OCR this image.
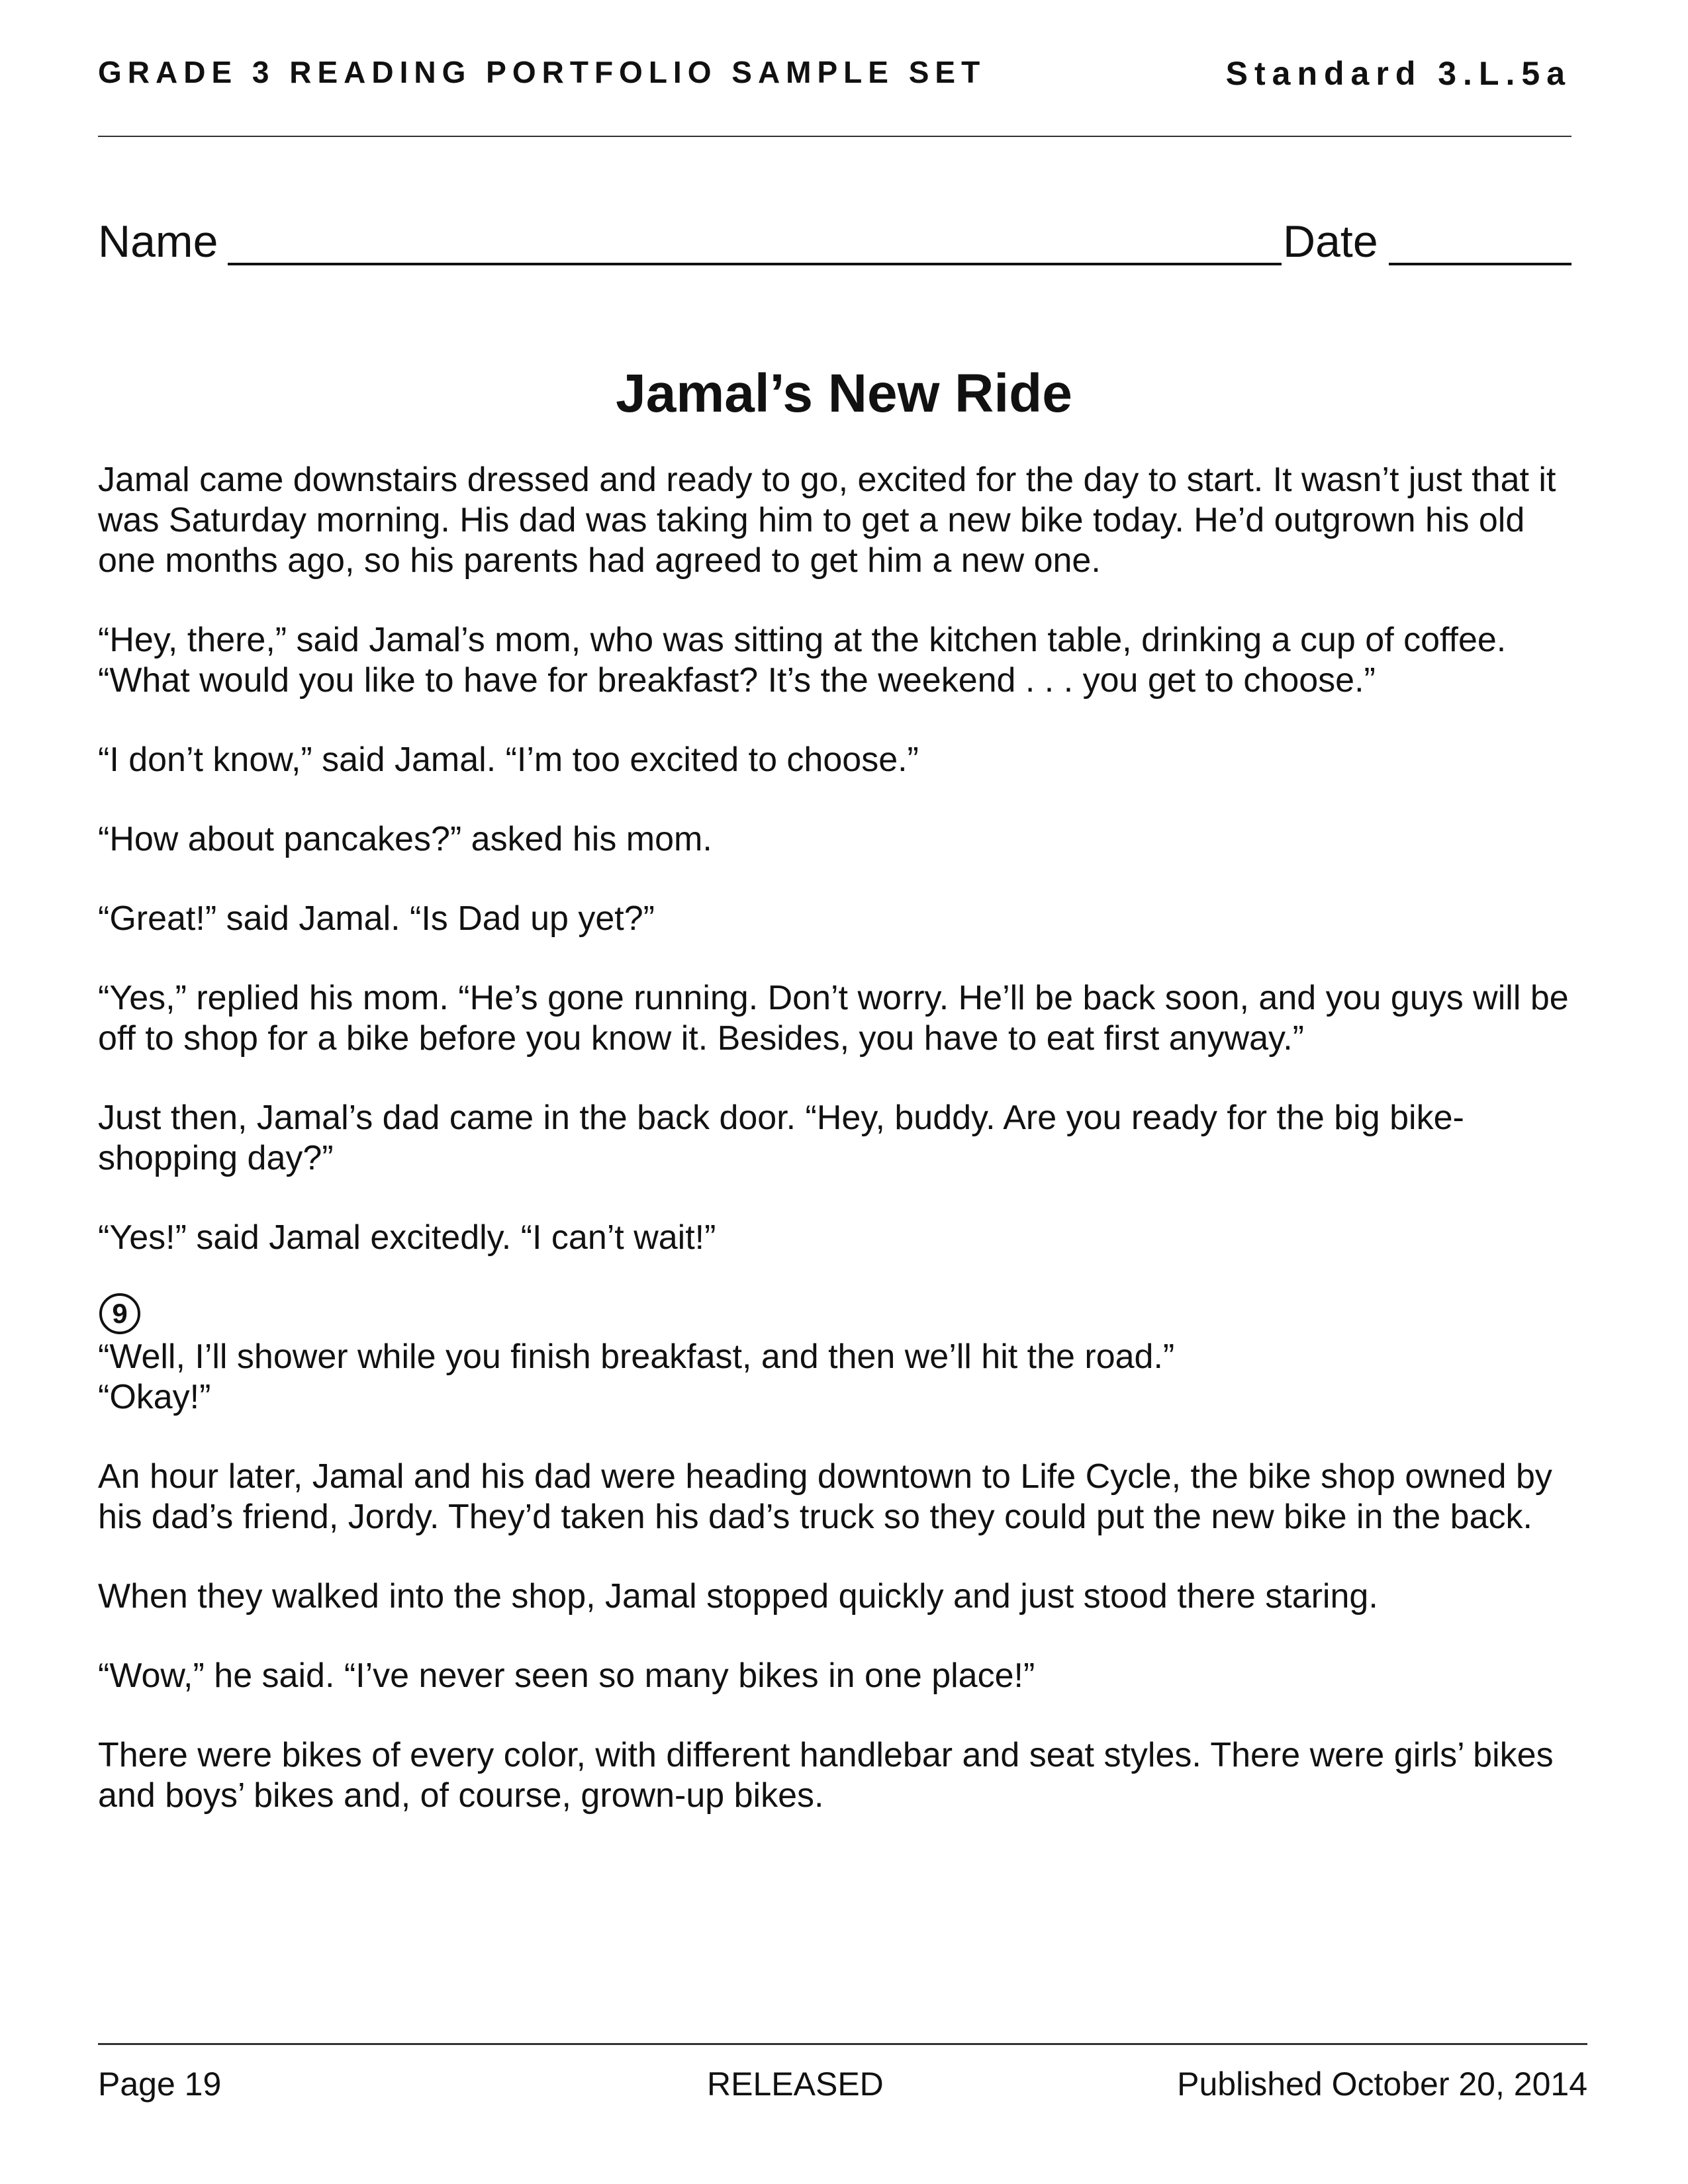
GRADE 3 READING PORTFOLIO SAMPLE SET	Standard 3.L.5a
Name	Date
Jamal’s New Ride

Jamal came downstairs dressed and ready to go, excited for the day to start. It wasn’t just that it was Saturday morning. His dad was taking him to get a new bike today. He’d outgrown his old one months ago, so his parents had agreed to get him a new one.

“Hey, there,” said Jamal’s mom, who was sitting at the kitchen table, drinking a cup of coffee. “What would you like to have for breakfast? It’s the weekend . . . you get to choose.”

“I don’t know,” said Jamal. “I’m too excited to choose.”

“How about pancakes?” asked his mom.

“Great!” said Jamal. “Is Dad up yet?”

“Yes,” replied his mom. “He’s gone running. Don’t worry. He’ll be back soon, and you guys will be off to shop for a bike before you know it. Besides, you have to eat first anyway.”

Just then, Jamal’s dad came in the back door. “Hey, buddy. Are you ready for the big bike-shopping day?”

“Yes!” said Jamal excitedly. “I can’t wait!”

9

“Well, I’ll shower while you finish breakfast, and then we’ll hit the road.”

“Okay!”

An hour later, Jamal and his dad were heading downtown to Life Cycle, the bike shop owned by his dad’s friend, Jordy. They’d taken his dad’s truck so they could put the new bike in the back.

When they walked into the shop, Jamal stopped quickly and just stood there staring.

“Wow,” he said. “I’ve never seen so many bikes in one place!”

There were bikes of every color, with different handlebar and seat styles. There were girls’ bikes and boys’ bikes and, of course, grown-up bikes.

Page 19	RELEASED	Published October 20, 2014
